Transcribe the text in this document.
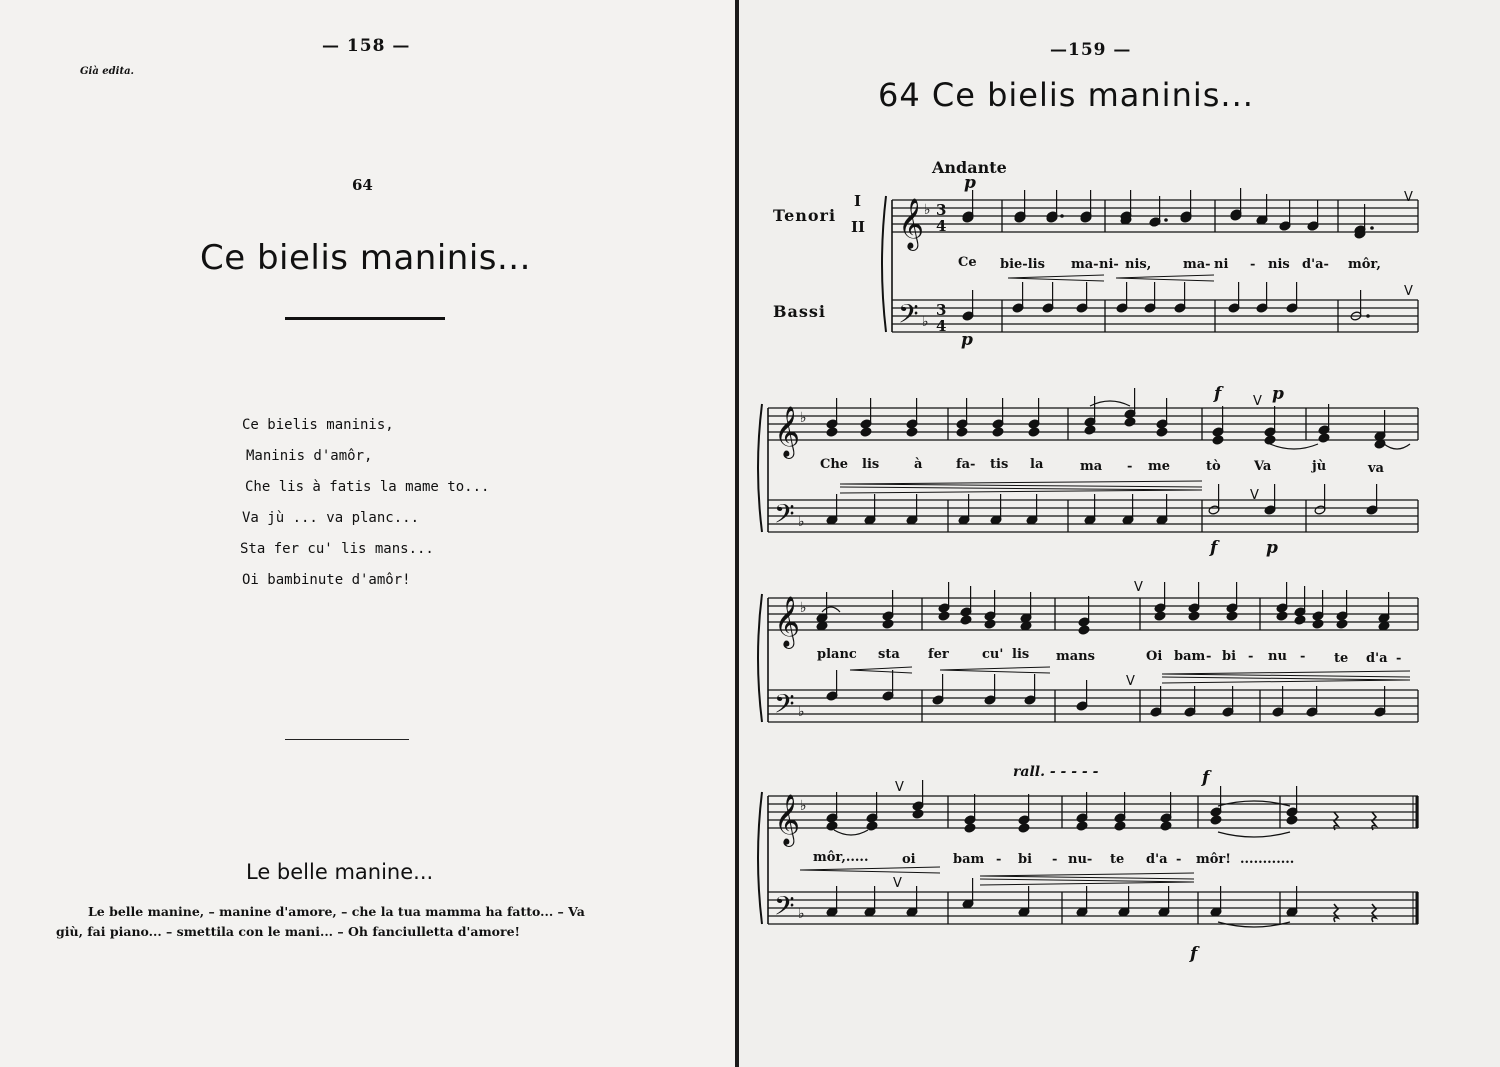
— 158 —
Già edita.
64
Ce bielis maninis...
Ce bielis maninis,
Maninis d'amôr,
Che lis à fatis la mame to...
Va jù ... va planc...
Sta fer cu' lis mans...
Oi bambinute d'amôr!
Le belle manine...
Le belle manine, – manine d'amore, – che la tua mamma ha fatto... – Va
giù, fai piano... – smettila con le mani... – Oh fanciulletta d'amore!
—159 —
64 Ce bielis maninis...
Andante
Tenori
I
II
Bassi
p
p
f	p
f	p
rall. - - - - -	f
f
V
V
V
V
V
V
V
V
Ce bie-lis ma- ni- nis, ma- ni - nis d'a- môr,
Che lis	à	fa- tis la	ma - me	tò	Va	jù	va
planc sta fer	cu' lis mans	Oi bam - bi - nu - te d'a -
môr,.....	oi	bam - bi - nu- te d'a - môr! ............
𝄞
𝄢
♭
♭
3
4
3
4
𝄞
𝄢
♭
♭
𝄞
𝄢
♭
♭
𝄞
𝄢
♭
♭
